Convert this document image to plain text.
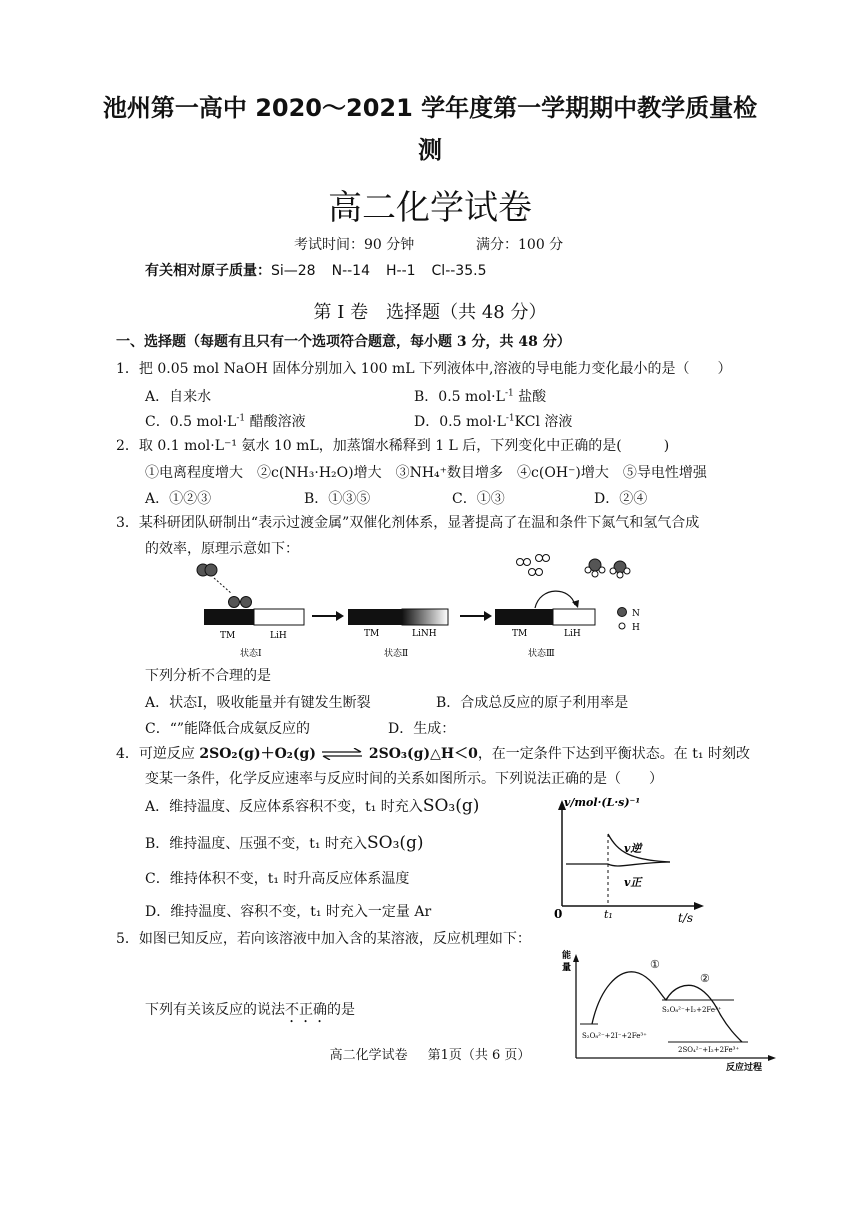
池州第一高中 2020～2021 学年度第一学期期中教学质量检
测
高二化学试卷
考试时间：90 分钟	满分：100 分
有关相对原子质量：Si—28 N--14 H--1 Cl--35.5
第 Ⅰ 卷　选择题（共 48 分）
一、选择题（每题有且只有一个选项符合题意，每小题 3 分，共 48 分）
1．把 0.05 mol NaOH 固体分别加入 100 mL 下列液体中,溶液的导电能力变化最小的是（　　）
A．自来水	B．0.5 $mol\cdot L^{-1}$ 盐酸
C．0.5 $mol\cdot L^{-1}$ 醋酸溶液	D．0.5 $mol\cdot L^{-1}KCl$ 溶液
2．取 0.1 mol·L⁻¹ 氨水 10 mL，加蒸馏水稀释到 1 L 后，下列变化中正确的是(　　　)
①电离程度增大　②c(NH₃·H₂O)增大　③NH₄⁺数目增多　④c(OH⁻)增大　⑤导电性增强
A．①②③	B．①③⑤	C．①③	D．②④
3．某科研团队研制出“表示过渡金属”双催化剂体系，显著提高了在温和条件下氮气和氢气合成
的效率，原理示意如下：
TM	LiH
状态Ⅰ
TM	LiNH
状态Ⅱ
TM	LiH
状态Ⅲ
N
H
下列分析不合理的是
A．状态Ⅰ，吸收能量并有键发生断裂	B．合成总反应的原子利用率是
C．“”能降低合成氨反应的	D．生成：
4．可逆反应 2SO₂(g)＋O₂(g) ⇌ 2SO₃(g)△H＜0，在一定条件下达到平衡状态。在 t₁ 时刻改
变某一条件，化学反应速率与反应时间的关系如图所示。下列说法正确的是（　　）
A．维持温度、反应体系容积不变，t₁ 时充入SO₃(g)
B．维持温度、压强不变，t₁ 时充入SO₃(g)
C．维持体积不变，t₁ 时升高反应体系温度
D．维持温度、容积不变，t₁ 时充入一定量 Ar
v/mol·(L·s)⁻¹
t/s
0	t₁
v逆
v正
5．如图已知反应，若向该溶液中加入含的某溶液，反应机理如下：
下列有关该反应的说法不正确的是
能
量
反应过程
①
②
S₂O₈²⁻+2I⁻+2Fe³⁺
S₂O₈²⁻+I₂+2Fe²⁺
2SO₄²⁻+I₂+2Fe³⁺
高二化学试卷 第1页（共 6 页）
